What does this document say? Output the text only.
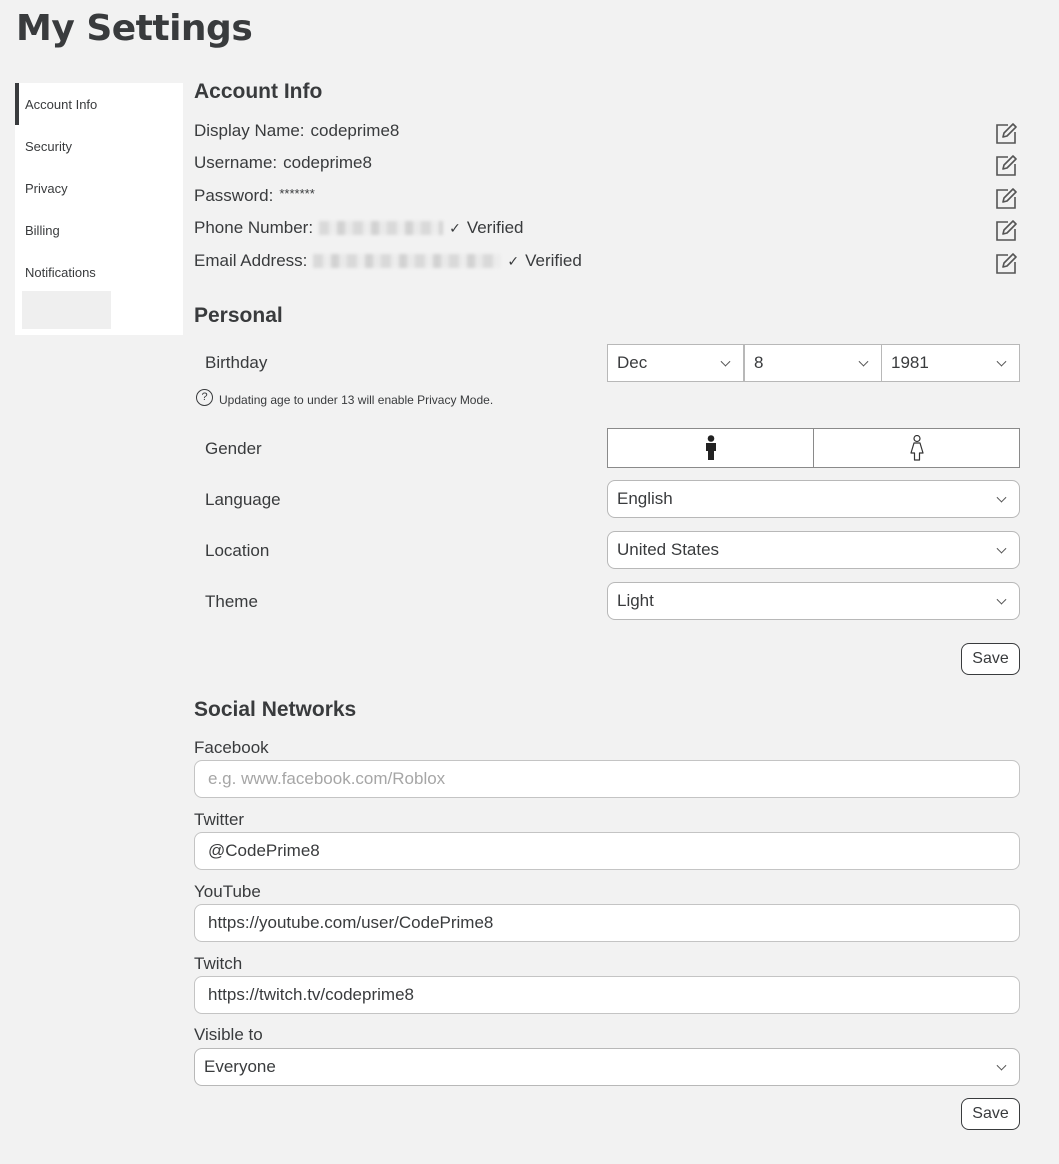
My Settings
Account Info
Security
Privacy
Billing
Notifications
Account Info
Display Name: codeprime8
Username: codeprime8
Password: *******
Phone Number:	✓ Verified
Email Address:	✓ Verified
Personal
Birthday	Dec	8	1981
? Updating age to under 13 will enable Privacy Mode.
Gender
Language	English
Location	United States
Theme	Light
Save
Social Networks
Facebook
e.g. www.facebook.com/Roblox
Twitter
@CodePrime8
YouTube
https://youtube.com/user/CodePrime8
Twitch
https://twitch.tv/codeprime8
Visible to
Everyone
Save
